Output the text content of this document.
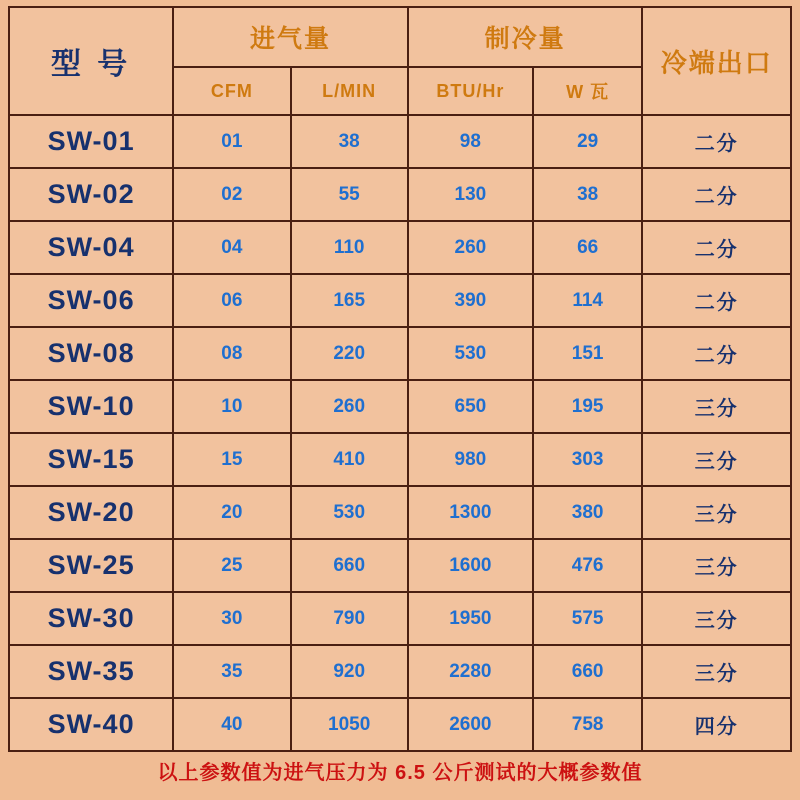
型 号	进气量		制冷量		冷端出口
	CFM	L/MIN	BTU/Hr	W 瓦	
SW-01	01	38	98	29	二分
SW-02	02	55	130	38	二分
SW-04	04	110	260	66	二分
SW-06	06	165	390	114	二分
SW-08	08	220	530	151	二分
SW-10	10	260	650	195	三分
SW-15	15	410	980	303	三分
SW-20	20	530	1300	380	三分
SW-25	25	660	1600	476	三分
SW-30	30	790	1950	575	三分
SW-35	35	920	2280	660	三分
SW-40	40	1050	2600	758	四分
以上参数值为进气压力为 6.5 公斤测试的大概参数值
